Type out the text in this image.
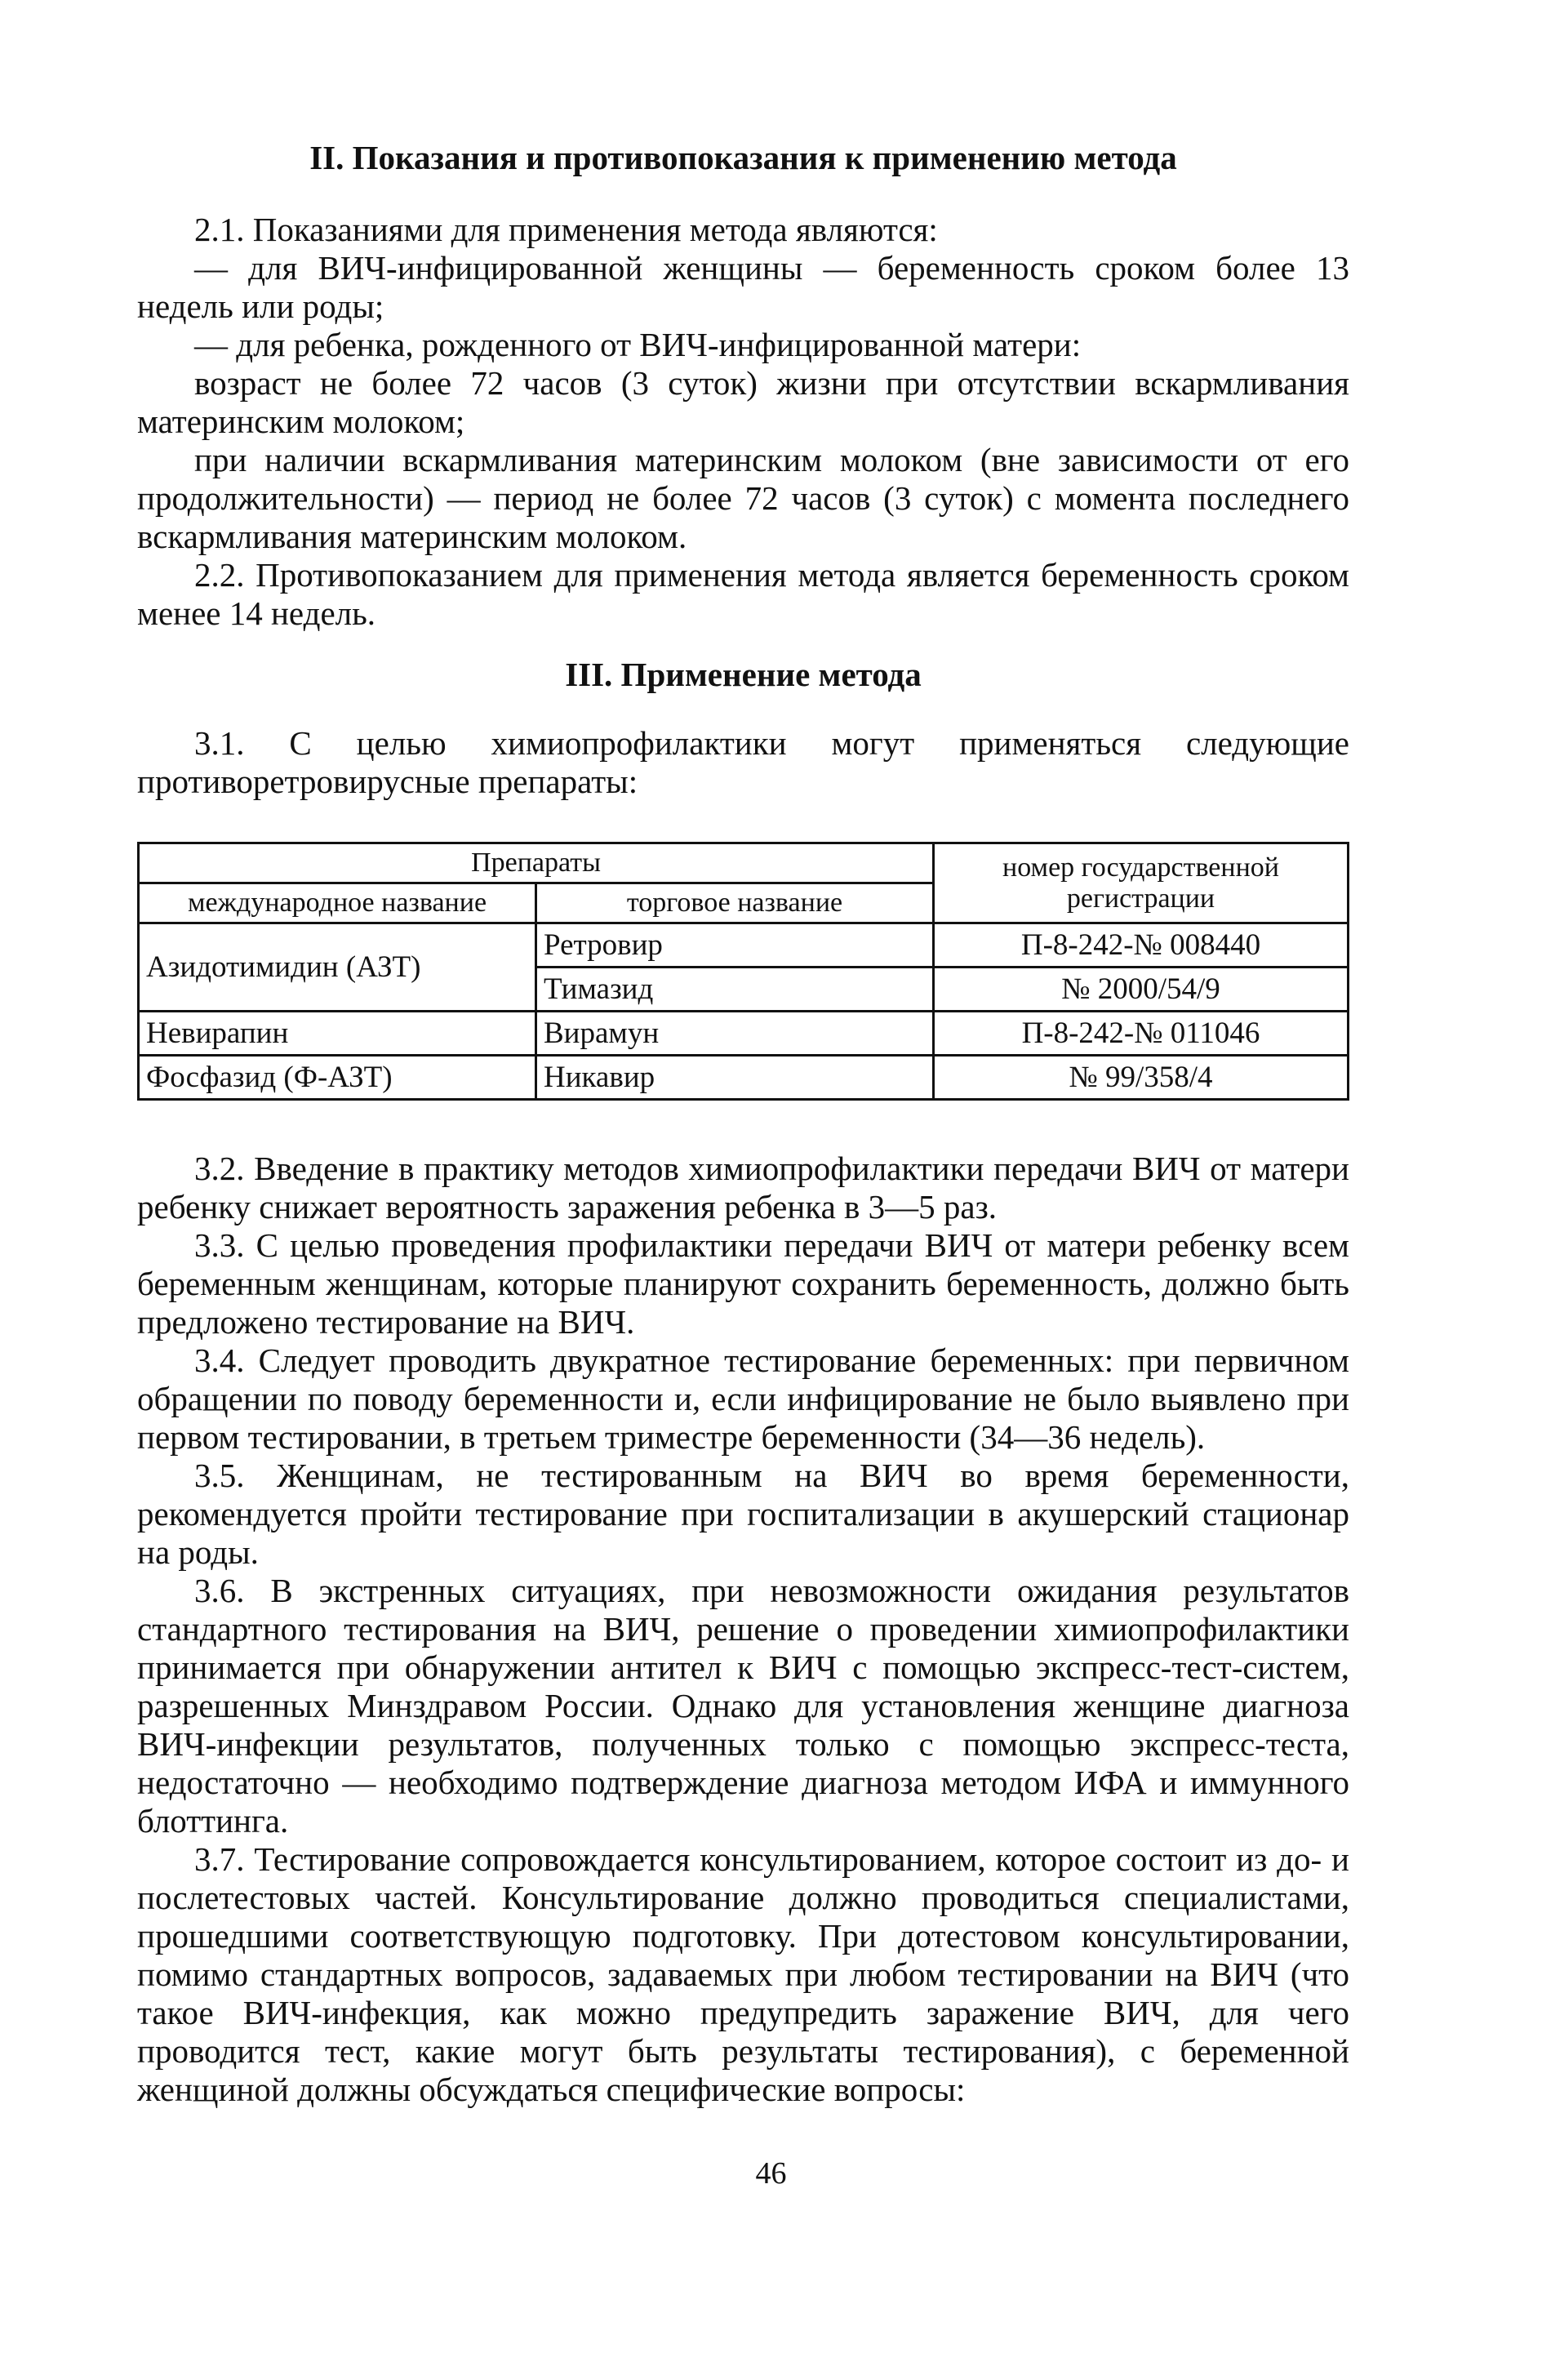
II. Показания и противопоказания к применению метода

2.1. Показаниями для применения метода являются:

— для ВИЧ-инфицированной женщины — беременность сроком более 13 недель или роды;

— для ребенка, рожденного от ВИЧ-инфицированной матери:

возраст не более 72 часов (3 суток) жизни при отсутствии вскармливания материнским молоком;

при наличии вскармливания материнским молоком (вне зависимости от его продолжительности) — период не более 72 часов (3 суток) с момента последнего вскармливания материнским молоком.

2.2. Противопоказанием для применения метода является беременность сроком менее 14 недель.

III. Применение метода

3.1. С целью химиопрофилактики могут применяться следующие противоретровирусные препараты:

Препараты		номер государственной регистрации
международное название	торговое название	
Азидотимидин (АЗТ)	Ретровир	П-8-242-№ 008440
	Тимазид	№ 2000/54/9
Невирапин	Вирамун	П-8-242-№ 011046
Фосфазид (Ф-АЗТ)	Никавир	№ 99/358/4

3.2. Введение в практику методов химиопрофилактики передачи ВИЧ от матери ребенку снижает вероятность заражения ребенка в 3—5 раз.

3.3. С целью проведения профилактики передачи ВИЧ от матери ребенку всем беременным женщинам, которые планируют сохранить беременность, должно быть предложено тестирование на ВИЧ.

3.4. Следует проводить двукратное тестирование беременных: при первичном обращении по поводу беременности и, если инфицирование не было выявлено при первом тестировании, в третьем триместре беременности (34—36 недель).

3.5. Женщинам, не тестированным на ВИЧ во время беременности, рекомендуется пройти тестирование при госпитализации в акушерский стационар на роды.

3.6. В экстренных ситуациях, при невозможности ожидания результатов стандартного тестирования на ВИЧ, решение о проведении химиопрофилактики принимается при обнаружении антител к ВИЧ с помощью экспресс-тест-систем, разрешенных Минздравом России. Однако для установления женщине диагноза ВИЧ-инфекции результатов, полученных только с помощью экспресс-теста, недостаточно — необходимо подтверждение диагноза методом ИФА и иммунного блоттинга.

3.7. Тестирование сопровождается консультированием, которое состоит из до- и послетестовых частей. Консультирование должно проводиться специалистами, прошедшими соответствующую подготовку. При дотестовом консультировании, помимо стандартных вопросов, задаваемых при любом тестировании на ВИЧ (что такое ВИЧ-инфекция, как можно предупредить заражение ВИЧ, для чего проводится тест, какие могут быть результаты тестирования), с беременной женщиной должны обсуждаться специфические вопросы:

46
